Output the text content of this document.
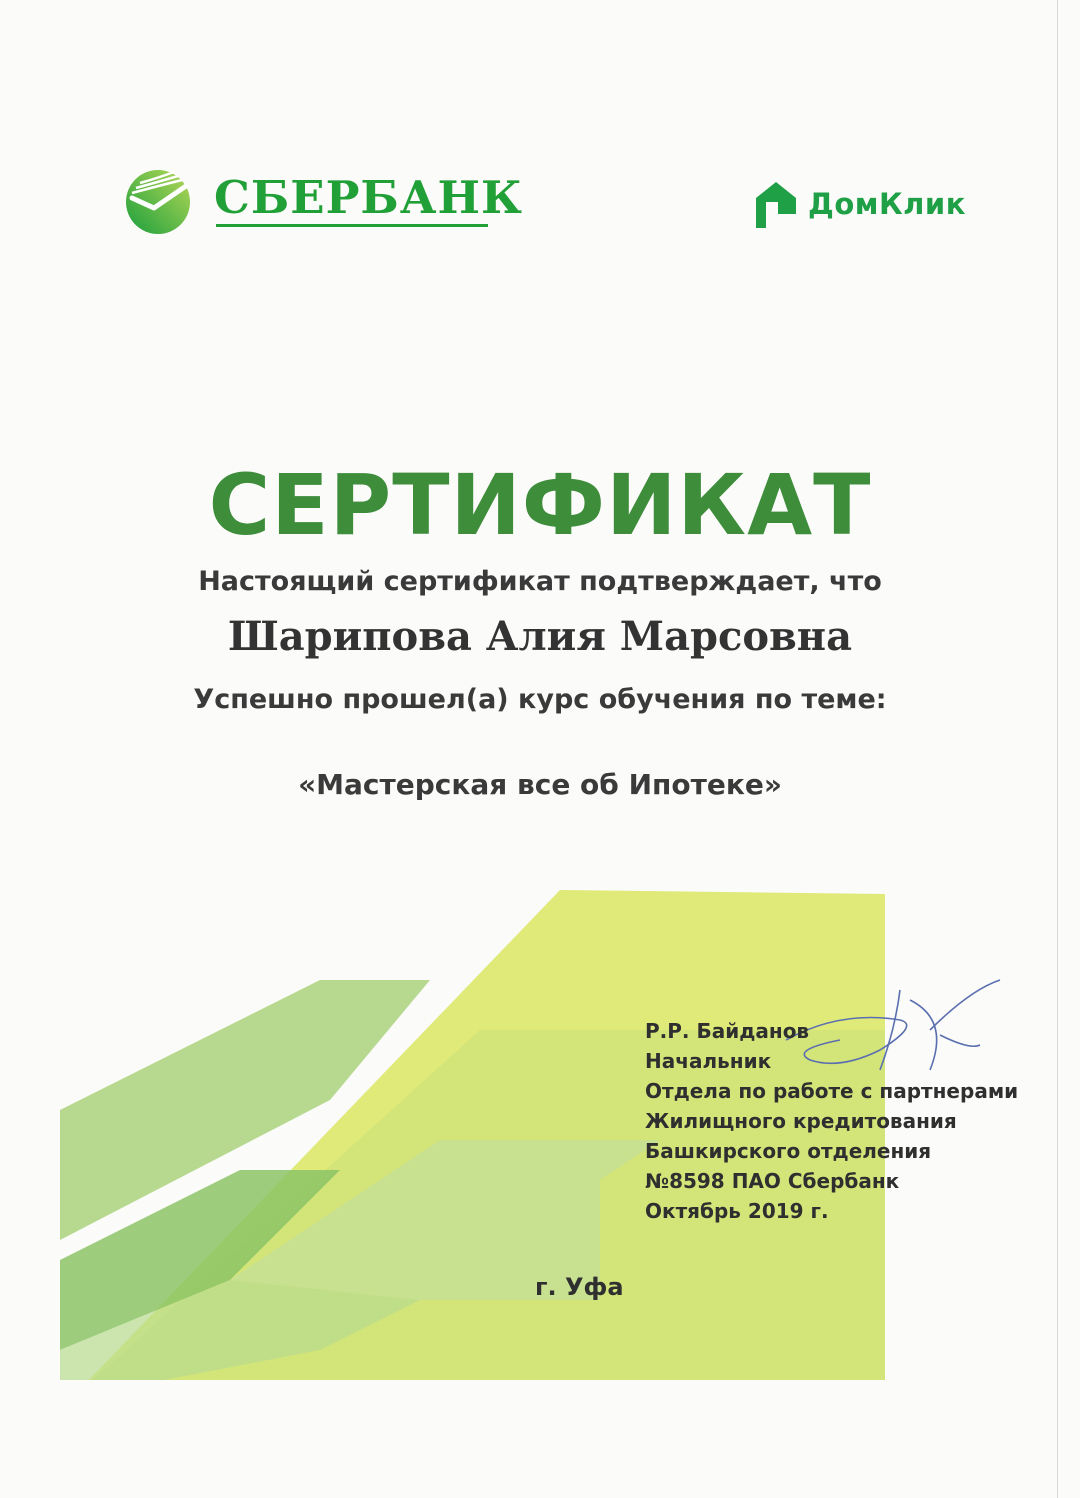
СБЕРБАНК	ДомКлик
СЕРТИФИКАТ
Настоящий сертификат подтверждает, что
Шарипова Алия Марсовна
Успешно прошел(а) курс обучения по теме:
«Мастерская все об Ипотеке»
Р.Р. Байданов
Начальник
Отдела по работе с партнерами
Жилищного кредитования
Башкирского отделения
№8598 ПАО Сбербанк
Октябрь 2019 г.
г. Уфа
